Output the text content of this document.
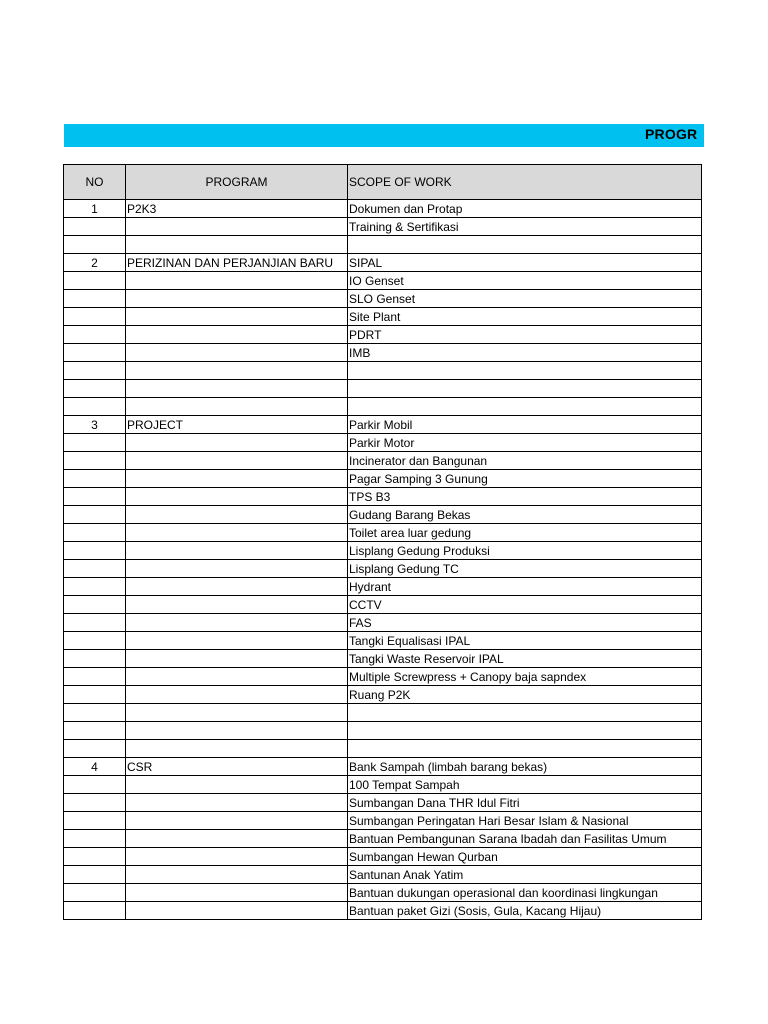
PROGR
NO	PROGRAM	SCOPE OF WORK
1	P2K3	Dokumen dan Protap
		Training & Sertifikasi

2	PERIZINAN DAN PERJANJIAN BARU	SIPAL
		IO Genset
		SLO Genset
		Site Plant
		PDRT
		IMB

3	PROJECT	Parkir Mobil
		Parkir Motor
		Incinerator dan Bangunan
		Pagar Samping 3 Gunung
		TPS B3
		Gudang Barang Bekas
		Toilet area luar gedung
		Lisplang Gedung Produksi
		Lisplang Gedung TC
		Hydrant
		CCTV
		FAS
		Tangki Equalisasi IPAL
		Tangki Waste Reservoir IPAL
		Multiple Screwpress + Canopy baja sapndex
		Ruang P2K

4	CSR	Bank Sampah (limbah barang bekas)
		100 Tempat Sampah
		Sumbangan Dana THR Idul Fitri
		Sumbangan Peringatan Hari Besar Islam & Nasional
		Bantuan Pembangunan Sarana Ibadah dan Fasilitas Umum
		Sumbangan Hewan Qurban
		Santunan Anak Yatim
		Bantuan dukungan operasional dan koordinasi lingkungan
		Bantuan paket Gizi (Sosis, Gula, Kacang Hijau)
